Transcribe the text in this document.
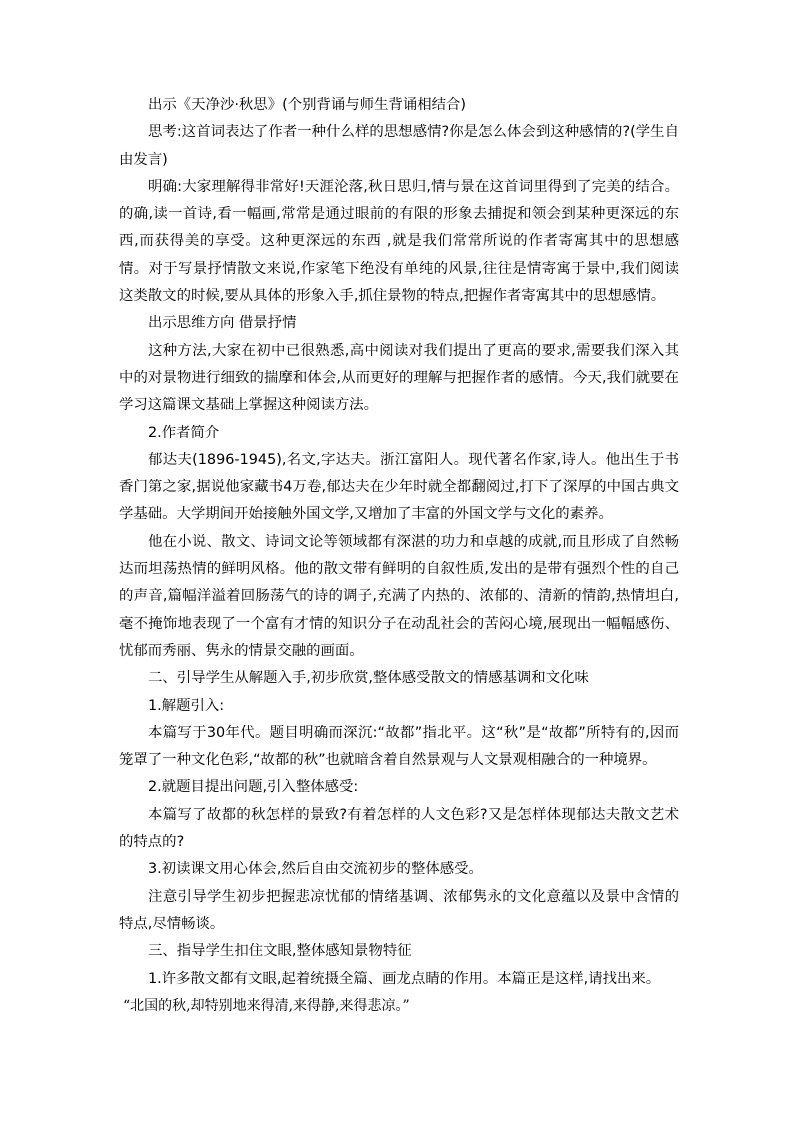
出示《天净沙·秋思》(个别背诵与师生背诵相结合)

思考:这首词表达了作者一种什么样的思想感情?你是怎么体会到这种感情的?(学生自由发言)

明确:大家理解得非常好!天涯沦落,秋日思归,情与景在这首词里得到了完美的结合。的确,读一首诗,看一幅画,常常是通过眼前的有限的形象去捕捉和领会到某种更深远的东西,而获得美的享受。这种更深远的东西 ,就是我们常常所说的作者寄寓其中的思想感情。对于写景抒情散文来说,作家笔下绝没有单纯的风景,往往是情寄寓于景中,我们阅读这类散文的时候,要从具体的形象入手,抓住景物的特点,把握作者寄寓其中的思想感情。

出示思维方向 借景抒情

这种方法,大家在初中已很熟悉,高中阅读对我们提出了更高的要求,需要我们深入其中的对景物进行细致的揣摩和体会,从而更好的理解与把握作者的感情。今天,我们就要在学习这篇课文基础上掌握这种阅读方法。

2.作者简介

郁达夫(1896-1945),名文,字达夫。浙江富阳人。现代著名作家,诗人。他出生于书香门第之家,据说他家藏书4万卷,郁达夫在少年时就全都翻阅过,打下了深厚的中国古典文学基础。大学期间开始接触外国文学,又增加了丰富的外国文学与文化的素养。

他在小说、散文、诗词文论等领域都有深湛的功力和卓越的成就,而且形成了自然畅达而坦荡热情的鲜明风格。他的散文带有鲜明的自叙性质,发出的是带有强烈个性的自己的声音,篇幅洋溢着回肠荡气的诗的调子,充满了内热的、浓郁的、清新的情韵,热情坦白,毫不掩饰地表现了一个富有才情的知识分子在动乱社会的苦闷心境,展现出一幅幅感伤、忧郁而秀丽、隽永的情景交融的画面。

二、引导学生从解题入手,初步欣赏,整体感受散文的情感基调和文化味

1.解题引入:

本篇写于30年代。题目明确而深沉:“故都”指北平。这“秋”是“故都”所特有的,因而笼罩了一种文化色彩,“故都的秋”也就暗含着自然景观与人文景观相融合的一种境界。

2.就题目提出问题,引入整体感受:

本篇写了故都的秋怎样的景致?有着怎样的人文色彩?又是怎样体现郁达夫散文艺术的特点的?

3.初读课文用心体会,然后自由交流初步的整体感受。

注意引导学生初步把握悲凉忧郁的情绪基调、浓郁隽永的文化意蕴以及景中含情的特点,尽情畅谈。

三、指导学生扣住文眼,整体感知景物特征

1.许多散文都有文眼,起着统摄全篇、画龙点睛的作用。本篇正是这样,请找出来。

“北国的秋,却特别地来得清,来得静,来得悲凉。”
